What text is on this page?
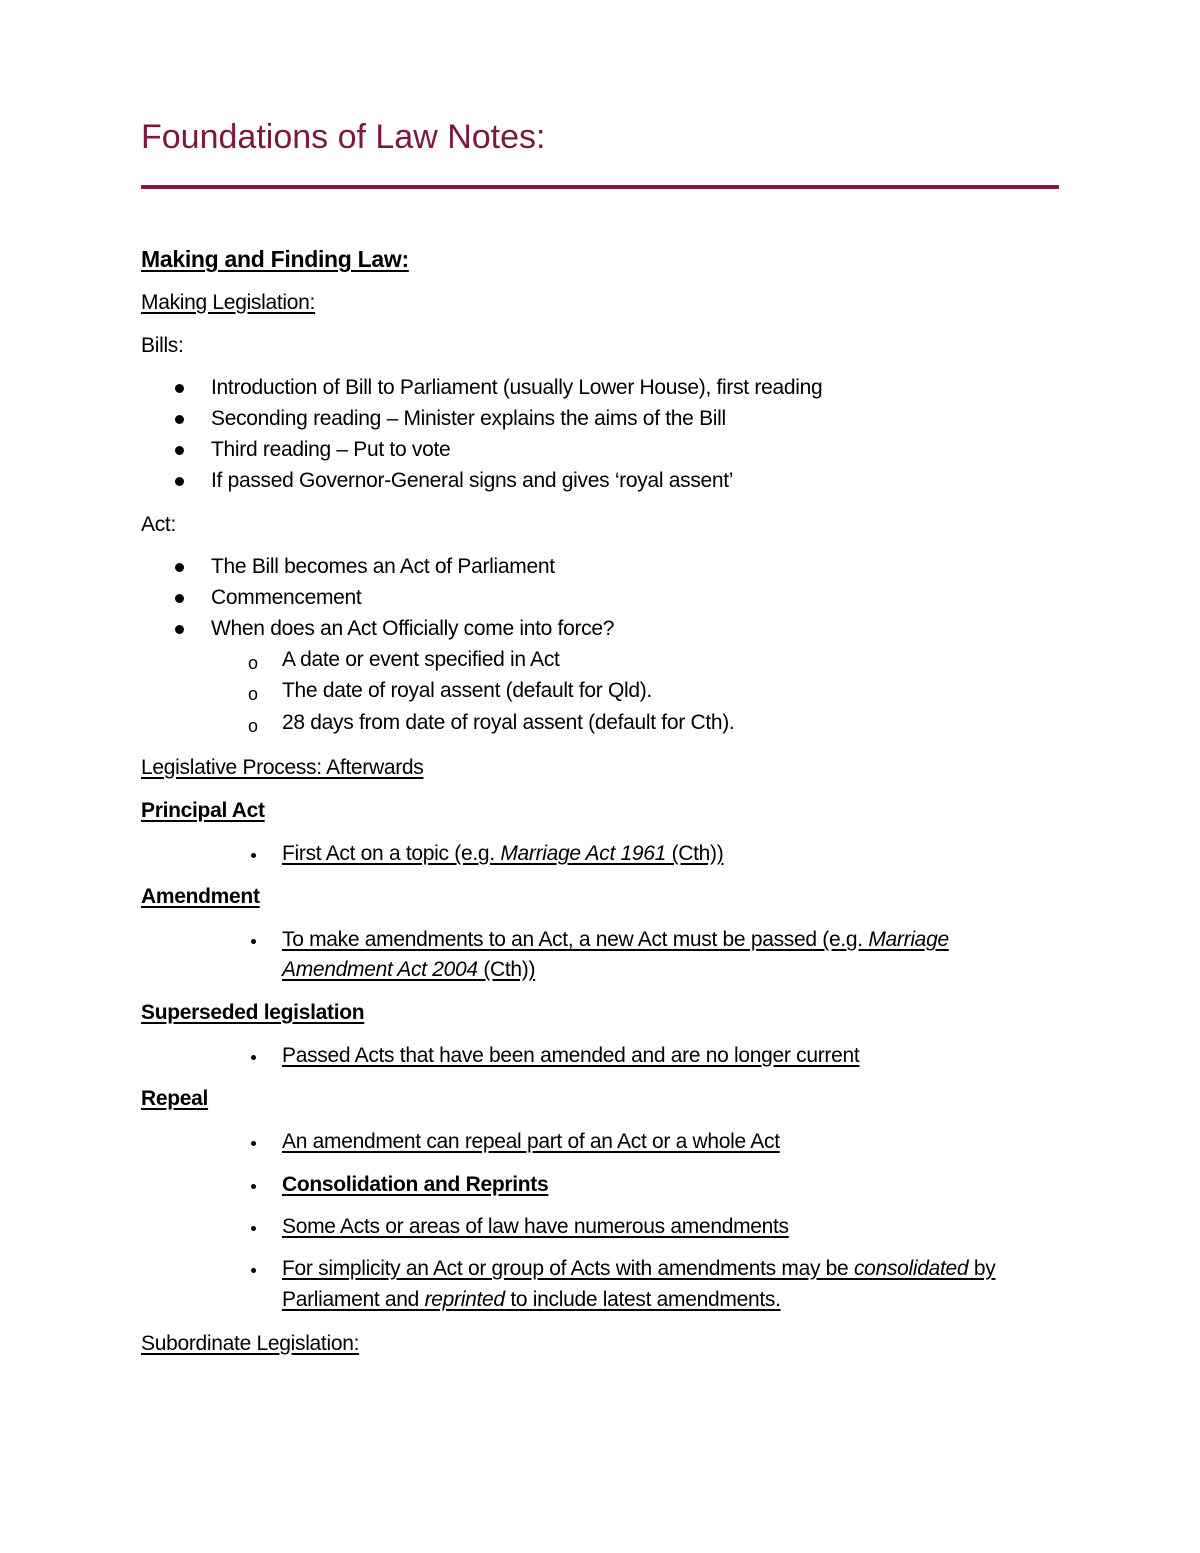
Foundations of Law Notes:
Making and Finding Law:
Making Legislation:
Bills:
Introduction of Bill to Parliament (usually Lower House), first reading
Seconding reading – Minister explains the aims of the Bill
Third reading – Put to vote
If passed Governor-General signs and gives ‘royal assent’
Act:
The Bill becomes an Act of Parliament
Commencement
When does an Act Officially come into force?
o A date or event specified in Act
o The date of royal assent (default for Qld).
o 28 days from date of royal assent (default for Cth).
Legislative Process: Afterwards
Principal Act
First Act on a topic (e.g. Marriage Act 1961 (Cth))
Amendment
To make amendments to an Act, a new Act must be passed (e.g. Marriage
Amendment Act 2004 (Cth))
Superseded legislation
Passed Acts that have been amended and are no longer current
Repeal
An amendment can repeal part of an Act or a whole Act
Consolidation and Reprints
Some Acts or areas of law have numerous amendments
For simplicity an Act or group of Acts with amendments may be consolidated by
Parliament and reprinted to include latest amendments.
Subordinate Legislation:
